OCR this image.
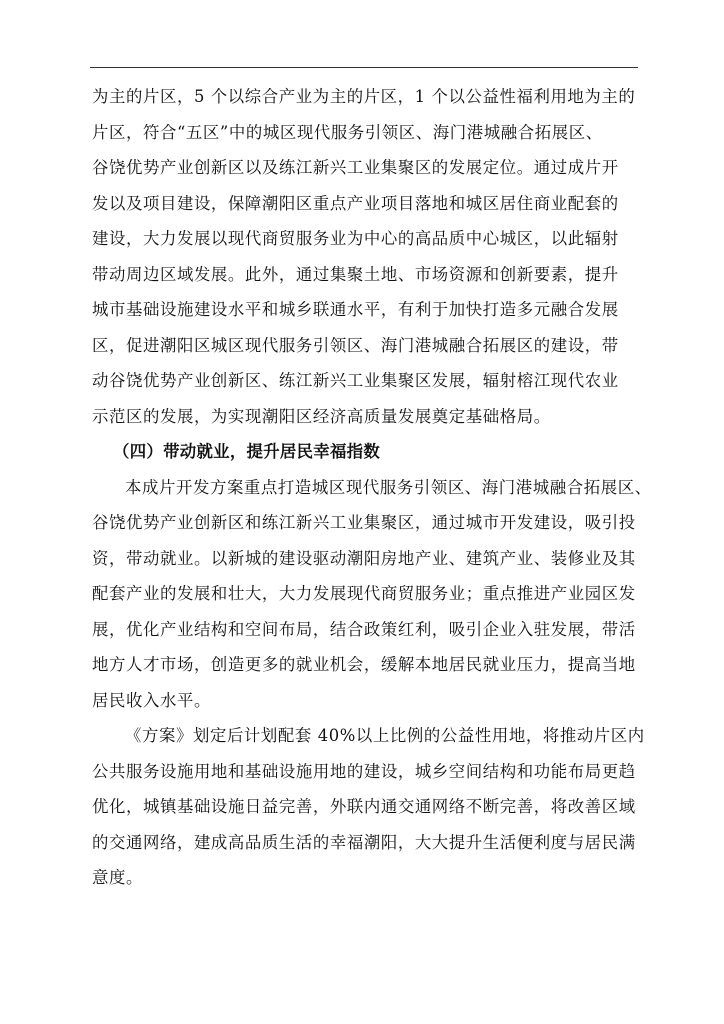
为主的片区，5 个以综合产业为主的片区，1 个以公益性福利用地为主的
片区，符合“五区”中的城区现代服务引领区、海门港城融合拓展区、
谷饶优势产业创新区以及练江新兴工业集聚区的发展定位。通过成片开
发以及项目建设，保障潮阳区重点产业项目落地和城区居住商业配套的
建设，大力发展以现代商贸服务业为中心的高品质中心城区，以此辐射
带动周边区域发展。此外，通过集聚土地、市场资源和创新要素，提升
城市基础设施建设水平和城乡联通水平，有利于加快打造多元融合发展
区，促进潮阳区城区现代服务引领区、海门港城融合拓展区的建设，带
动谷饶优势产业创新区、练江新兴工业集聚区发展，辐射榕江现代农业
示范区的发展，为实现潮阳区经济高质量发展奠定基础格局。
（四）带动就业，提升居民幸福指数
本成片开发方案重点打造城区现代服务引领区、海门港城融合拓展区、
谷饶优势产业创新区和练江新兴工业集聚区，通过城市开发建设，吸引投
资，带动就业。以新城的建设驱动潮阳房地产业、建筑产业、装修业及其
配套产业的发展和壮大，大力发展现代商贸服务业；重点推进产业园区发
展，优化产业结构和空间布局，结合政策红利，吸引企业入驻发展，带活
地方人才市场，创造更多的就业机会，缓解本地居民就业压力，提高当地
居民收入水平。
《方案》划定后计划配套 40%以上比例的公益性用地，将推动片区内
公共服务设施用地和基础设施用地的建设，城乡空间结构和功能布局更趋
优化，城镇基础设施日益完善，外联内通交通网络不断完善，将改善区域
的交通网络，建成高品质生活的幸福潮阳，大大提升生活便利度与居民满
意度。
